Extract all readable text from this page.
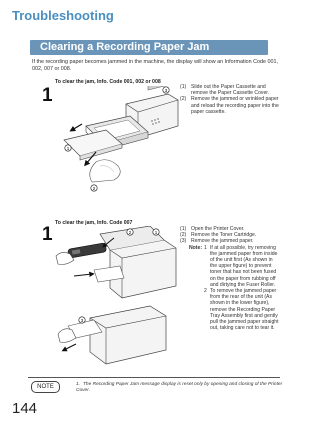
Troubleshooting
Clearing a Recording Paper Jam
If the recording paper becomes jammed in the machine, the display will show an Information Code 001, 002, 007 or 008.
To clear the jam, Info. Code 001, 002 or 008
1
1
2
3
(1) Slide out the Paper Cassette and remove the Paper Cassette Cover.
(2) Remove the jammed or wrinkled paper and reload the recording paper into the paper cassette.
To clear the jam, Info. Code 007
1	1
2
3
(1) Open the Printer Cover.
(2) Remove the Toner Cartridge.
(3) Remove the jammed paper.
Note: 1 If at all possible, try removing the jammed paper from inside of the unit first (As shown in the upper figure) to prevent toner that has not been fused on the paper from rubbing off and dirtying the Fuser Roller.
2 To remove the jammed paper from the rear of the unit (As shown in the lower figure), remove the Recording Paper Tray Assembly first and gently pull the jammed paper straight out, taking care not to tear it.
NOTE	1. The Recording Paper Jam message display is reset only by opening and closing of the Printer Cover.
144
